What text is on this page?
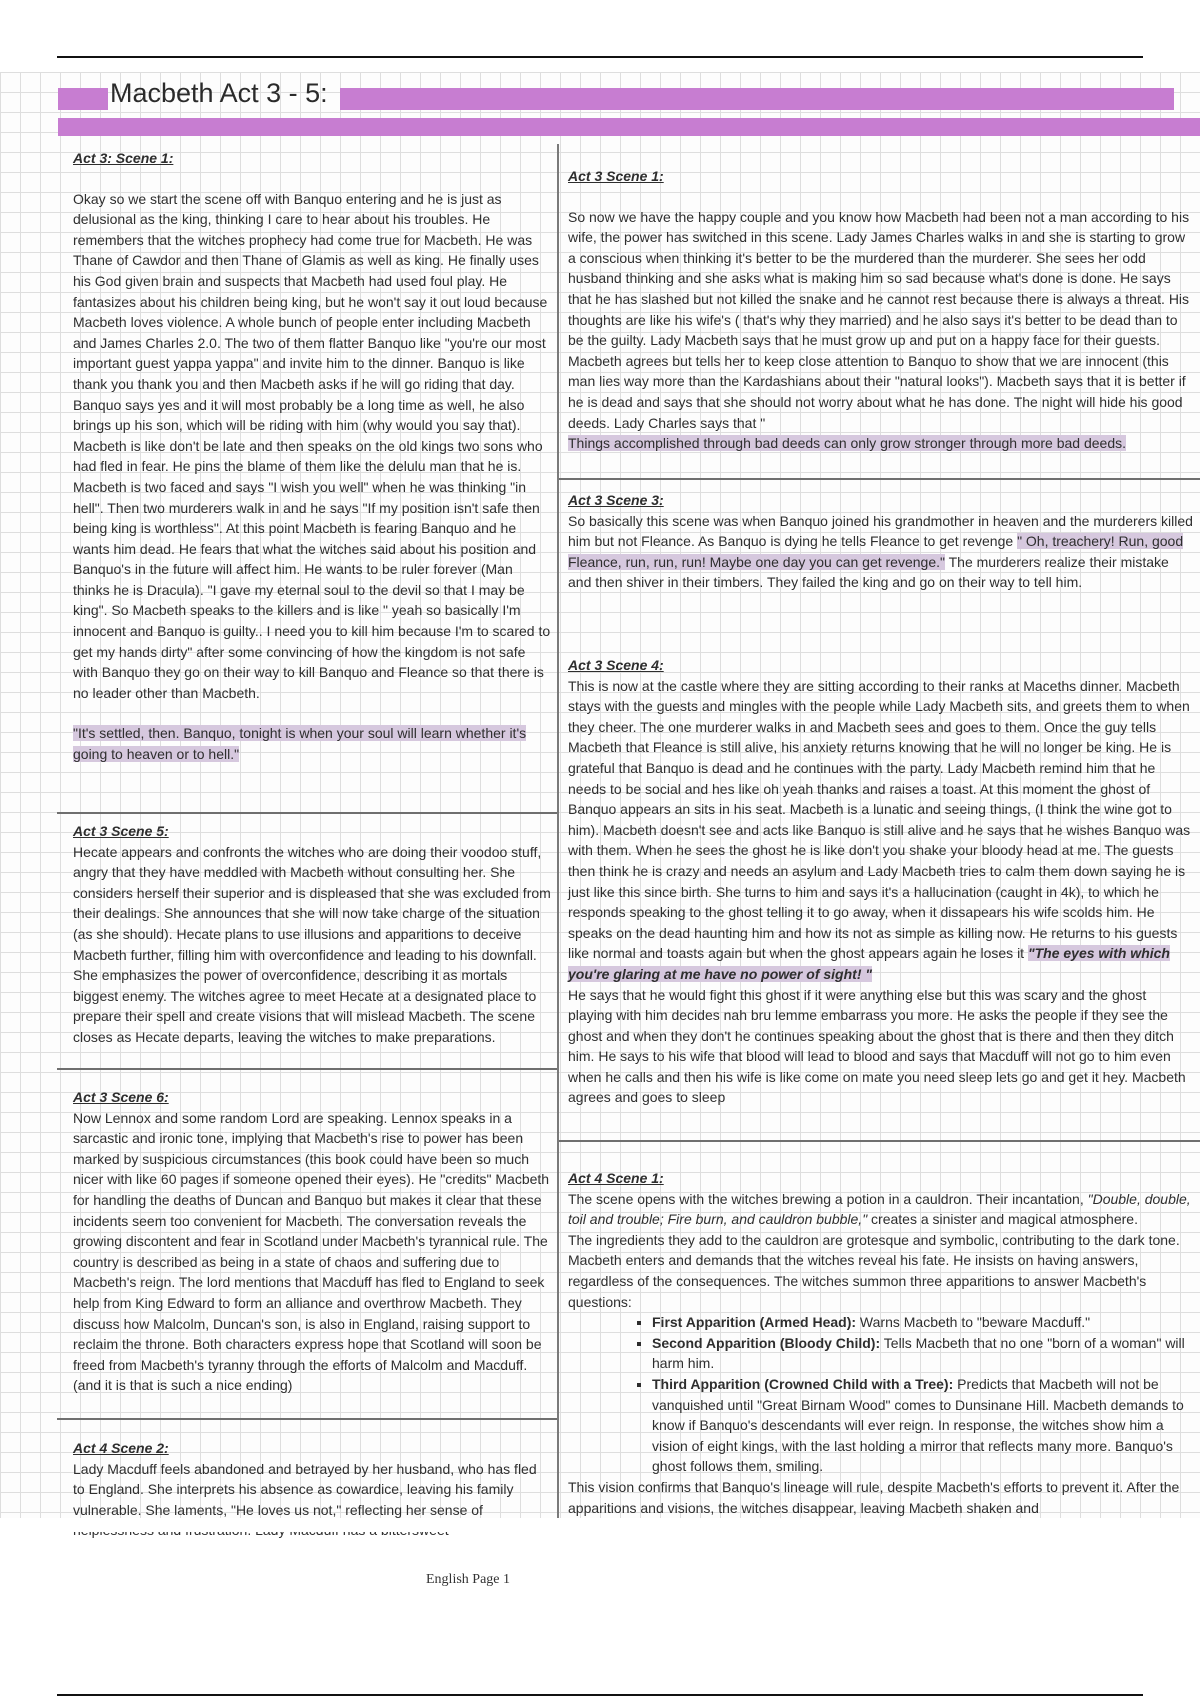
Macbeth Act 3 - 5:

Act 3: Scene 1:

Okay so we start the scene off with Banquo entering and he is just as delusional as the king, thinking I care to hear about his troubles. He remembers that the witches prophecy had come true for Macbeth. He was Thane of Cawdor and then Thane of Glamis as well as king. He finally uses his God given brain and suspects that Macbeth had used foul play. He fantasizes about his children being king, but he won't say it out loud because Macbeth loves violence. A whole bunch of people enter including Macbeth and James Charles 2.0. The two of them flatter Banquo like "you're our most important guest yappa yappa" and invite him to the dinner. Banquo is like thank you thank you and then Macbeth asks if he will go riding that day. Banquo says yes and it will most probably be a long time as well, he also brings up his son, which will be riding with him (why would you say that). Macbeth is like don't be late and then speaks on the old kings two sons who had fled in fear. He pins the blame of them like the delulu man that he is. Macbeth is two faced and says "I wish you well" when he was thinking "in hell". Then two murderers walk in and he says "If my position isn't safe then being king is worthless". At this point Macbeth is fearing Banquo and he wants him dead. He fears that what the witches said about his position and Banquo's in the future will affect him. He wants to be ruler forever (Man thinks he is Dracula). "I gave my eternal soul to the devil so that I may be king". So Macbeth speaks to the killers and is like " yeah so basically I'm innocent and Banquo is guilty.. I need you to kill him because I'm to scared to get my hands dirty" after some convincing of how the kingdom is not safe with Banquo they go on their way to kill Banquo and Fleance so that there is no leader other than Macbeth.

"It's settled, then. Banquo, tonight is when your soul will learn whether it's going to heaven or to hell."

Act 3 Scene 5:

Hecate appears and confronts the witches who are doing their voodoo stuff, angry that they have meddled with Macbeth without consulting her. She considers herself their superior and is displeased that she was excluded from their dealings. She announces that she will now take charge of the situation (as she should). Hecate plans to use illusions and apparitions to deceive Macbeth further, filling him with overconfidence and leading to his downfall. She emphasizes the power of overconfidence, describing it as mortals biggest enemy. The witches agree to meet Hecate at a designated place to prepare their spell and create visions that will mislead Macbeth. The scene closes as Hecate departs, leaving the witches to make preparations.

Act 3 Scene 6:

Now Lennox and some random Lord are speaking. Lennox speaks in a sarcastic and ironic tone, implying that Macbeth's rise to power has been marked by suspicious circumstances (this book could have been so much nicer with like 60 pages if someone opened their eyes). He "credits" Macbeth for handling the deaths of Duncan and Banquo but makes it clear that these incidents seem too convenient for Macbeth. The conversation reveals the growing discontent and fear in Scotland under Macbeth's tyrannical rule. The country is described as being in a state of chaos and suffering due to Macbeth's reign. The lord mentions that Macduff has fled to England to seek help from King Edward to form an alliance and overthrow Macbeth. They discuss how Malcolm, Duncan's son, is also in England, raising support to reclaim the throne. Both characters express hope that Scotland will soon be freed from Macbeth's tyranny through the efforts of Malcolm and Macduff. (and it is that is such a nice ending)

Act 4 Scene 2:

Lady Macduff feels abandoned and betrayed by her husband, who has fled to England. She interprets his absence as cowardice, leaving his family vulnerable. She laments, "He loves us not," reflecting her sense of

Act 3 Scene 1:

So now we have the happy couple and you know how Macbeth had been not a man according to his wife, the power has switched in this scene. Lady James Charles walks in and she is starting to grow a conscious when thinking it's better to be the murdered than the murderer. She sees her odd husband thinking and she asks what is making him so sad because what's done is done. He says that he has slashed but not killed the snake and he cannot rest because there is always a threat. His thoughts are like his wife's ( that's why they married) and he also says it's better to be dead than to be the guilty. Lady Macbeth says that he must grow up and put on a happy face for their guests. Macbeth agrees but tells her to keep close attention to Banquo to show that we are innocent (this man lies way more than the Kardashians about their "natural looks"). Macbeth says that it is better if he is dead and says that she should not worry about what he has done. The night will hide his good deeds. Lady Charles says that "

Things accomplished through bad deeds can only grow stronger through more bad deeds.

Act 3 Scene 3:

So basically this scene was when Banquo joined his grandmother in heaven and the murderers killed him but not Fleance. As Banquo is dying he tells Fleance to get revenge " Oh, treachery! Run, good Fleance, run, run, run! Maybe one day you can get revenge." The murderers realize their mistake and then shiver in their timbers. They failed the king and go on their way to tell him.

Act 3 Scene 4:

This is now at the castle where they are sitting according to their ranks at Maceths dinner. Macbeth stays with the guests and mingles with the people while Lady Macbeth sits, and greets them to when they cheer. The one murderer walks in and Macbeth sees and goes to them. Once the guy tells Macbeth that Fleance is still alive, his anxiety returns knowing that he will no longer be king. He is grateful that Banquo is dead and he continues with the party. Lady Macbeth remind him that he needs to be social and hes like oh yeah thanks and raises a toast. At this moment the ghost of Banquo appears an sits in his seat. Macbeth is a lunatic and seeing things, (I think the wine got to him). Macbeth doesn't see and acts like Banquo is still alive and he says that he wishes Banquo was with them. When he sees the ghost he is like don't you shake your bloody head at me. The guests then think he is crazy and needs an asylum and Lady Macbeth tries to calm them down saying he is just like this since birth. She turns to him and says it's a hallucination (caught in 4k), to which he responds speaking to the ghost telling it to go away, when it dissapears his wife scolds him. He speaks on the dead haunting him and how its not as simple as killing now. He returns to his guests like normal and toasts again but when the ghost appears again he loses it "The eyes with which you're glaring at me have no power of sight! "

He says that he would fight this ghost if it were anything else but this was scary and the ghost playing with him decides nah bru lemme embarrass you more. He asks the people if they see the ghost and when they don't he continues speaking about the ghost that is there and then they ditch him. He says to his wife that blood will lead to blood and says that Macduff will not go to him even when he calls and then his wife is like come on mate you need sleep lets go and get it hey. Macbeth agrees and goes to sleep

Act 4 Scene 1:

The scene opens with the witches brewing a potion in a cauldron. Their incantation, "Double, double, toil and trouble; Fire burn, and cauldron bubble," creates a sinister and magical atmosphere.

The ingredients they add to the cauldron are grotesque and symbolic, contributing to the dark tone. Macbeth enters and demands that the witches reveal his fate. He insists on having answers, regardless of the consequences. The witches summon three apparitions to answer Macbeth's questions:

▪ First Apparition (Armed Head): Warns Macbeth to "beware Macduff."
▪ Second Apparition (Bloody Child): Tells Macbeth that no one "born of a woman" will harm him.
▪ Third Apparition (Crowned Child with a Tree): Predicts that Macbeth will not be vanquished until "Great Birnam Wood" comes to Dunsinane Hill. Macbeth demands to know if Banquo's descendants will ever reign. In response, the witches show him a vision of eight kings, with the last holding a mirror that reflects many more. Banquo's ghost follows them, smiling.

This vision confirms that Banquo's lineage will rule, despite Macbeth's efforts to prevent it. After the apparitions and visions, the witches disappear, leaving Macbeth shaken and

English Page 1
